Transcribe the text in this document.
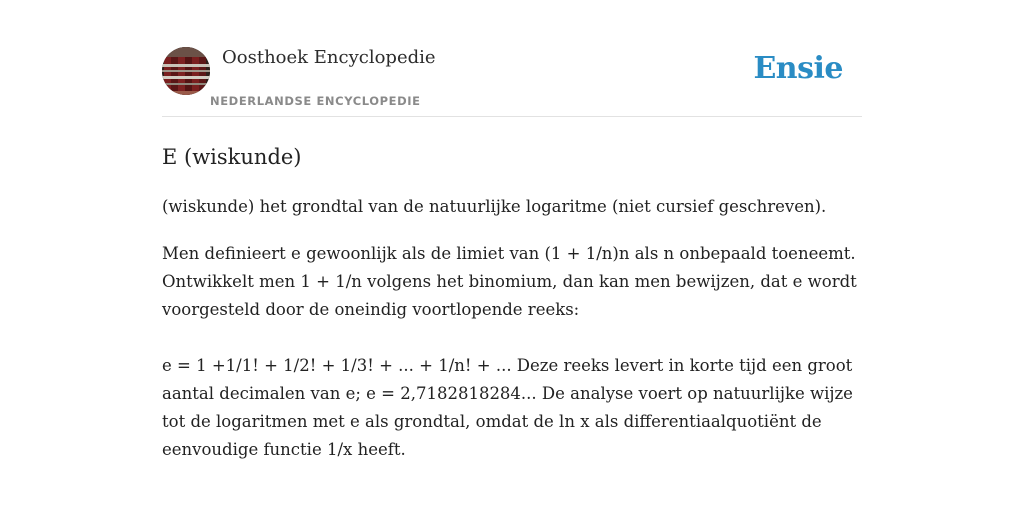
Oosthoek Encyclopedie
NEDERLANDSE ENCYCLOPEDIE
Ensie
E (wiskunde)

(wiskunde) het grondtal van de natuurlijke logaritme (niet cursief geschreven).

Men definieert e gewoonlijk als de limiet van (1 + 1/n)n als n onbepaald toeneemt. Ontwikkelt men 1 + 1/n volgens het binomium, dan kan men bewijzen, dat e wordt voorgesteld door de oneindig voortlopende reeks:

e = 1 +1/1! + 1/2! + 1/3! + ... + 1/n! + ... Deze reeks levert in korte tijd een groot aantal decimalen van e; e = 2,7182818284... De analyse voert op natuurlijke wijze tot de logaritmen met e als grondtal, omdat de ln x als differentiaalquotiënt de eenvoudige functie 1/x heeft.
